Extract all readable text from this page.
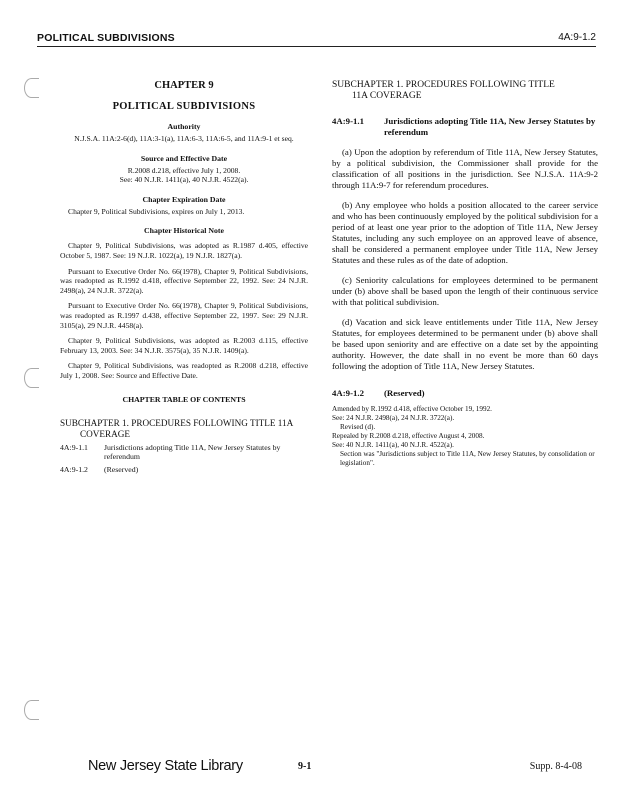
POLITICAL SUBDIVISIONS	4A:9-1.2
CHAPTER 9
POLITICAL SUBDIVISIONS
Authority
N.J.S.A. 11A:2-6(d), 11A:3-1(a), 11A:6-3, 11A:6-5, and 11A:9-1 et seq.
Source and Effective Date
R.2008 d.218, effective July 1, 2008.
See: 40 N.J.R. 1411(a), 40 N.J.R. 4522(a).
Chapter Expiration Date
Chapter 9, Political Subdivisions, expires on July 1, 2013.
Chapter Historical Note
Chapter 9, Political Subdivisions, was adopted as R.1987 d.405, effective October 5, 1987. See: 19 N.J.R. 1022(a), 19 N.J.R. 1827(a).
Pursuant to Executive Order No. 66(1978), Chapter 9, Political Subdivisions, was readopted as R.1992 d.418, effective September 22, 1992. See: 24 N.J.R. 2498(a), 24 N.J.R. 3722(a).
Pursuant to Executive Order No. 66(1978), Chapter 9, Political Subdivisions, was readopted as R.1997 d.438, effective September 22, 1997. See: 29 N.J.R. 3105(a), 29 N.J.R. 4458(a).
Chapter 9, Political Subdivisions, was adopted as R.2003 d.115, effective February 13, 2003. See: 34 N.J.R. 3575(a), 35 N.J.R. 1409(a).
Chapter 9, Political Subdivisions, was readopted as R.2008 d.218, effective July 1, 2008. See: Source and Effective Date.
CHAPTER TABLE OF CONTENTS
SUBCHAPTER 1. PROCEDURES FOLLOWING TITLE 11A
COVERAGE
4A:9-1.1	Jurisdictions adopting Title 11A, New Jersey Statutes by referendum
4A:9-1.2	(Reserved)
SUBCHAPTER 1. PROCEDURES FOLLOWING TITLE
11A COVERAGE
4A:9-1.1	Jurisdictions adopting Title 11A, New Jersey Statutes by referendum
(a) Upon the adoption by referendum of Title 11A, New Jersey Statutes, by a political subdivision, the Commissioner shall provide for the classification of all positions in the jurisdiction. See N.J.S.A. 11A:9-2 through 11A:9-7 for referendum procedures.
(b) Any employee who holds a position allocated to the career service and who has been continuously employed by the political subdivision for a period of at least one year prior to the adoption of Title 11A, New Jersey Statutes, including any such employee on an approved leave of absence, shall be considered a permanent employee under Title 11A, New Jersey Statutes and these rules as of the date of adoption.
(c) Seniority calculations for employees determined to be permanent under (b) above shall be based upon the length of their continuous service with that political subdivision.
(d) Vacation and sick leave entitlements under Title 11A, New Jersey Statutes, for employees determined to be permanent under (b) above shall be based upon seniority and are effective on a date set by the appointing authority. However, the date shall in no event be more than 60 days following the adoption of Title 11A, New Jersey Statutes.
4A:9-1.2	(Reserved)
Amended by R.1992 d.418, effective October 19, 1992.
See: 24 N.J.R. 2498(a), 24 N.J.R. 3722(a).
Revised (d).
Repealed by R.2008 d.218, effective August 4, 2008.
See: 40 N.J.R. 1411(a), 40 N.J.R. 4522(a).
Section was "Jurisdictions subject to Title 11A, New Jersey Statutes, by consolidation or legislation".
New Jersey State Library	9-1	Supp. 8-4-08
